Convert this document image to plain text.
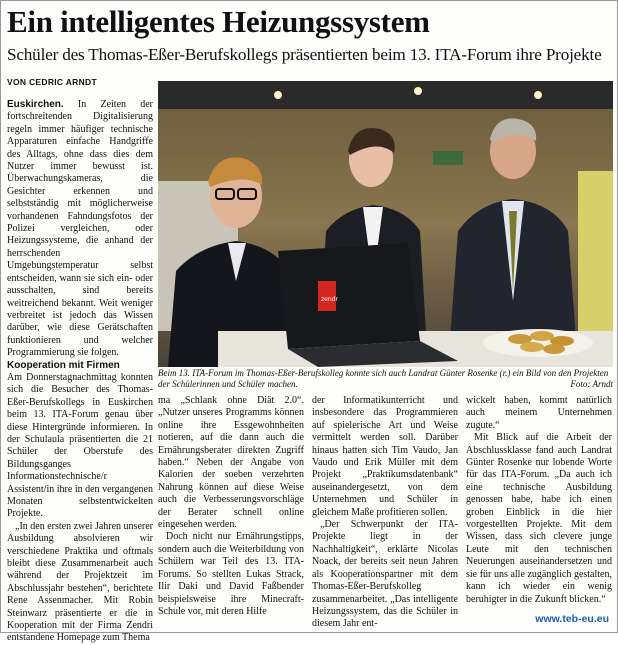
Ein intelligentes Heizungssystem
Schüler des Thomas-Eßer-Berufskollegs präsentierten beim 13. ITA-Forum ihre Projekte
VON CEDRIC ARNDT

Euskirchen. In Zeiten der fortschreitenden Digitalisierung regeln immer häufiger technische Apparaturen einfache Handgriffe des Alltags, ohne dass dies dem Nutzer immer bewusst ist. Überwachungskameras, die Gesichter erkennen und selbstständig mit möglicherweise vorhandenen Fahndungsfotos der Polizei vergleichen, oder Heizungssysteme, die anhand der herrschenden Umgebungstemperatur selbst entscheiden, wann sie sich ein- oder ausschalten, sind bereits weitreichend bekannt. Weit weniger verbreitet ist jedoch das Wissen darüber, wie diese Gerätschaften funktionieren und welcher Programmierung sie folgen.

Kooperation mit Firmen

Am Donnerstagnachmittag konnten sich die Besucher des Thomas-Eßer-Berufskollegs in Euskirchen beim 13. ITA-Forum genau über diese Hintergründe informieren. In der Schulaula präsentierten die 21 Schüler der Oberstufe des Bildungsganges Informationstechnische/r Assistent/in ihre in den vergangenen Monaten selbstentwickelten Projekte.

„In den ersten zwei Jahren unserer Ausbildung absolvieren wir verschiedene Praktika und oftmals bleibt diese Zusammenarbeit auch während der Projektzeit im Abschlussjahr bestehen“, berichtete Rene Assenmacher. Mit Robin Steinwarz präsentierte er die in Kooperation mit der Firma Zendri entstandene Homepage zum Thema

zendr
Beim 13. ITA-Forum im Thomas-Eßer-Berufskolleg konnte sich auch Landrat Günter Rosenke (r.) ein Bild von den Projekten der Schülerinnen und Schüler machen.	Foto: Arndt

ma „Schlank ohne Diät 2.0“. „Nutzer unseres Programms können online ihre Essgewohnheiten notieren, auf die dann auch die Ernährungsberater direkten Zugriff haben.“ Neben der Angabe von Kalorien der soeben verzehrten Nahrung können auf diese Weise auch die Verbesserungsvorschläge der Berater schnell online eingesehen werden.

Doch nicht nur Ernährungstipps, sondern auch die Weiterbildung von Schülern war Teil des 13. ITA-Forums. So stellten Lukas Strack, Ilir Daki und David Faßbender beispielsweise ihre Minecraft-Schule vor, mit deren Hilfe

der Informatikunterricht und insbesondere das Programmieren auf spielerische Art und Weise vermittelt werden soll. Darüber hinaus hatten sich Tim Vaudo, Jan Vaudo und Erik Müller mit dem Projekt „Praktikumsdatenbank“ auseinandergesetzt, von dem Unternehmen und Schüler in gleichem Maße profitieren sollen.

„Der Schwerpunkt der ITA-Projekte liegt in der Nachhaltigkeit“, erklärte Nicolas Noack, der bereits seit neun Jahren als Kooperationspartner mit dem Thomas-Eßer-Berufskolleg zusammenarbeitet. „Das intelligente Heizungssystem, das die Schüler in diesem Jahr ent-

wickelt haben, kommt natürlich auch meinem Unternehmen zugute.“

Mit Blick auf die Arbeit der Abschlussklasse fand auch Landrat Günter Rosenke nur lobende Worte für das ITA-Forum. „Da auch ich eine technische Ausbildung genossen habe, habe ich einen groben Einblick in die hier vorgestellten Projekte. Mit dem Wissen, dass sich clevere junge Leute mit den technischen Neuerungen auseinandersetzen und sie für uns alle zugänglich gestalten, kann ich wieder ein wenig beruhigter in die Zukunft blicken.“

www.teb-eu.eu
